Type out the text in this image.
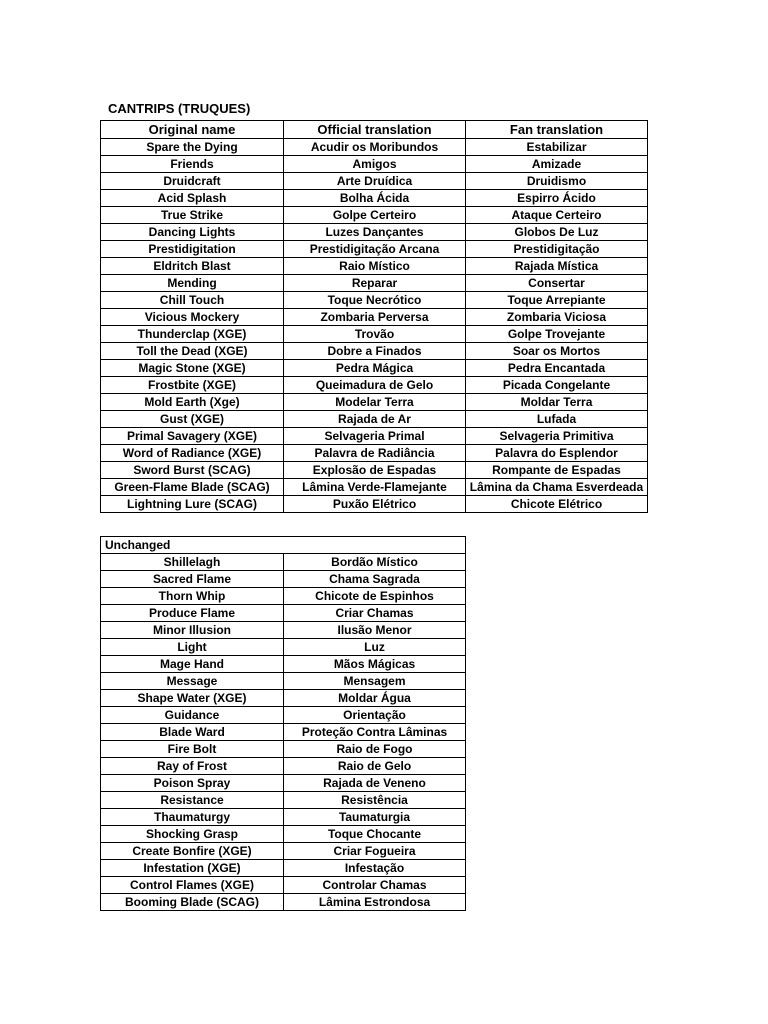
CANTRIPS (TRUQUES)
Original name	Official translation	Fan translation
Spare the Dying	Acudir os Moribundos	Estabilizar
Friends	Amigos	Amizade
Druidcraft	Arte Druídica	Druidismo
Acid Splash	Bolha Ácida	Espirro Ácido
True Strike	Golpe Certeiro	Ataque Certeiro
Dancing Lights	Luzes Dançantes	Globos De Luz
Prestidigitation	Prestidigitação Arcana	Prestidigitação
Eldritch Blast	Raio Místico	Rajada Mística
Mending	Reparar	Consertar
Chill Touch	Toque Necrótico	Toque Arrepiante
Vicious Mockery	Zombaria Perversa	Zombaria Viciosa
Thunderclap (XGE)	Trovão	Golpe Trovejante
Toll the Dead (XGE)	Dobre a Finados	Soar os Mortos
Magic Stone (XGE)	Pedra Mágica	Pedra Encantada
Frostbite (XGE)	Queimadura de Gelo	Picada Congelante
Mold Earth (Xge)	Modelar Terra	Moldar Terra
Gust (XGE)	Rajada de Ar	Lufada
Primal Savagery (XGE)	Selvageria Primal	Selvageria Primitiva
Word of Radiance (XGE)	Palavra de Radiância	Palavra do Esplendor
Sword Burst (SCAG)	Explosão de Espadas	Rompante de Espadas
Green-Flame Blade (SCAG)	Lâmina Verde-Flamejante	Lâmina da Chama Esverdeada
Lightning Lure (SCAG)	Puxão Elétrico	Chicote Elétrico
Unchanged	
Shillelagh	Bordão Místico
Sacred Flame	Chama Sagrada
Thorn Whip	Chicote de Espinhos
Produce Flame	Criar Chamas
Minor Illusion	Ilusão Menor
Light	Luz
Mage Hand	Mãos Mágicas
Message	Mensagem
Shape Water (XGE)	Moldar Água
Guidance	Orientação
Blade Ward	Proteção Contra Lâminas
Fire Bolt	Raio de Fogo
Ray of Frost	Raio de Gelo
Poison Spray	Rajada de Veneno
Resistance	Resistência
Thaumaturgy	Taumaturgia
Shocking Grasp	Toque Chocante
Create Bonfire (XGE)	Criar Fogueira
Infestation (XGE)	Infestação
Control Flames (XGE)	Controlar Chamas
Booming Blade (SCAG)	Lâmina Estrondosa
